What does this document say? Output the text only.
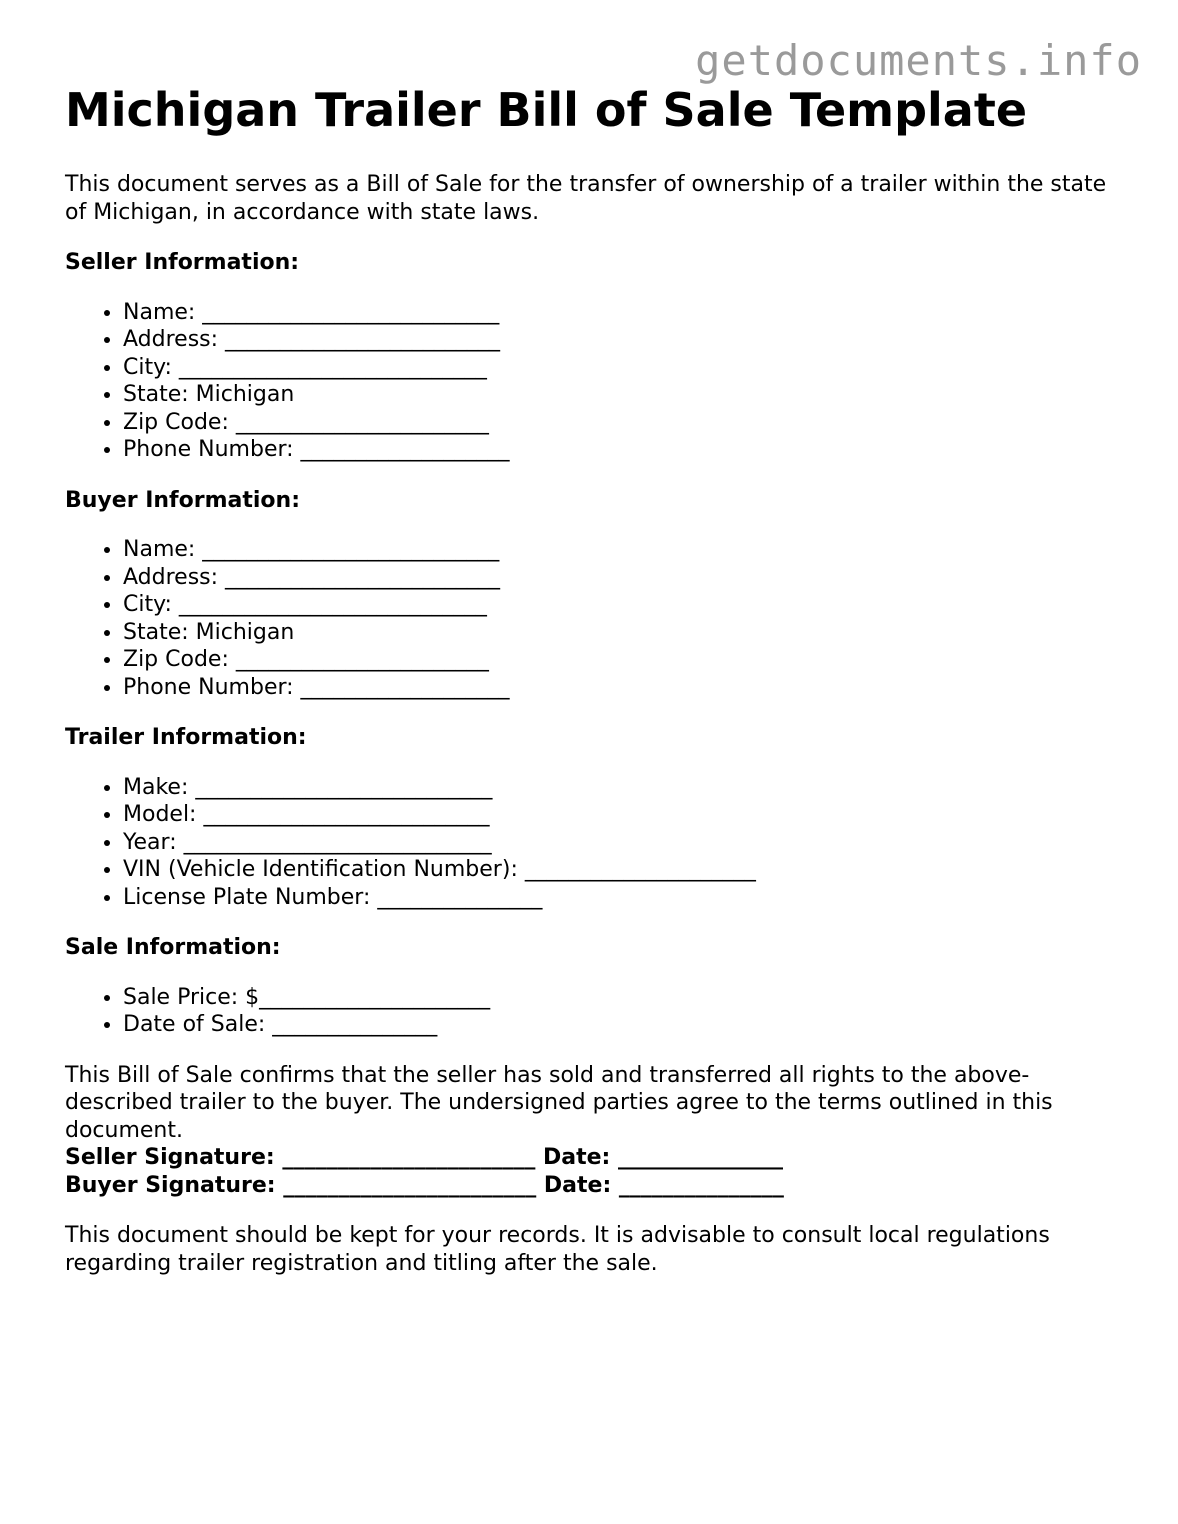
getdocuments.info
Michigan Trailer Bill of Sale Template

This document serves as a Bill of Sale for the transfer of ownership of a trailer within the state of Michigan, in accordance with state laws.

Seller Information:
• Name: ___________________________
• Address: _________________________
• City: ____________________________
• State: Michigan
• Zip Code: _______________________
• Phone Number: ___________________
Buyer Information:
• Name: ___________________________
• Address: _________________________
• City: ____________________________
• State: Michigan
• Zip Code: _______________________
• Phone Number: ___________________
Trailer Information:
• Make: ___________________________
• Model: __________________________
• Year: ____________________________
• VIN (Vehicle Identification Number): _____________________
• License Plate Number: _______________
Sale Information:
• Sale Price: $_____________________
• Date of Sale: _______________

This Bill of Sale confirms that the seller has sold and transferred all rights to the above-described trailer to the buyer. The undersigned parties agree to the terms outlined in this document.

Seller Signature: _______________________ Date: _______________
Buyer Signature: _______________________ Date: _______________

This document should be kept for your records. It is advisable to consult local regulations regarding trailer registration and titling after the sale.
